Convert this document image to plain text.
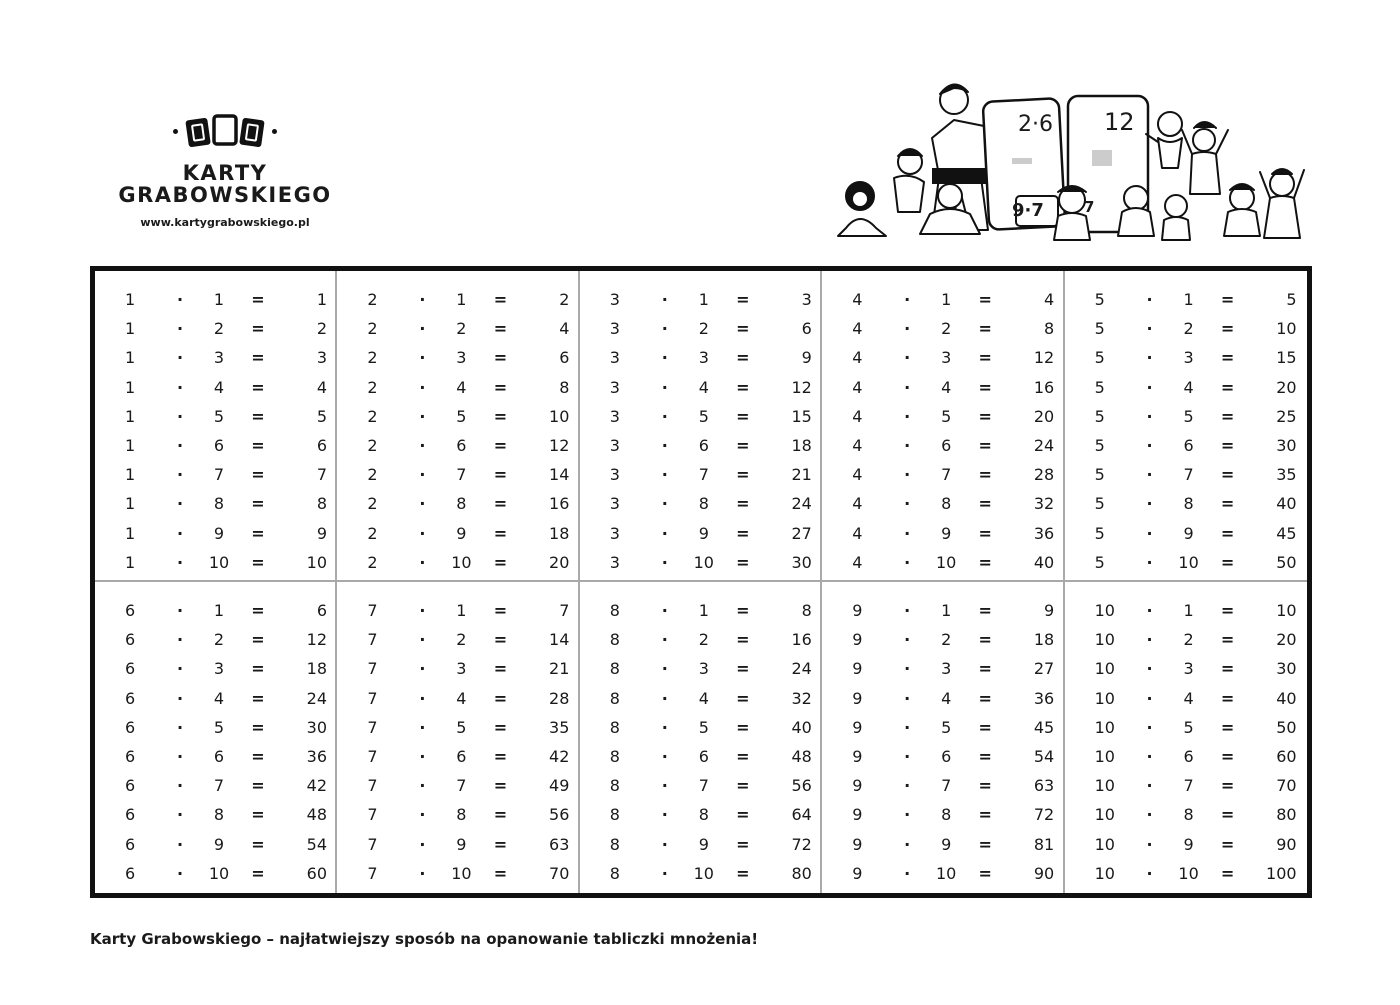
KARTY
GRABOWSKIEGO
www.kartygrabowskiego.pl
2·6 12
9·7	7
1	·	1	=	1
1	·	2	=	2
1	·	3	=	3
1	·	4	=	4
1	·	5	=	5
1	·	6	=	6
1	·	7	=	7
1	·	8	=	8
1	·	9	=	9
1	·	10	=	10
2	·	1	=	2
2	·	2	=	4
2	·	3	=	6
2	·	4	=	8
2	·	5	=	10
2	·	6	=	12
2	·	7	=	14
2	·	8	=	16
2	·	9	=	18
2	·	10	=	20
3	·	1	=	3
3	·	2	=	6
3	·	3	=	9
3	·	4	=	12
3	·	5	=	15
3	·	6	=	18
3	·	7	=	21
3	·	8	=	24
3	·	9	=	27
3	·	10	=	30
4	·	1	=	4
4	·	2	=	8
4	·	3	=	12
4	·	4	=	16
4	·	5	=	20
4	·	6	=	24
4	·	7	=	28
4	·	8	=	32
4	·	9	=	36
4	·	10	=	40
5	·	1	=	5
5	·	2	=	10
5	·	3	=	15
5	·	4	=	20
5	·	5	=	25
5	·	6	=	30
5	·	7	=	35
5	·	8	=	40
5	·	9	=	45
5	·	10	=	50
6	·	1	=	6
6	·	2	=	12
6	·	3	=	18
6	·	4	=	24
6	·	5	=	30
6	·	6	=	36
6	·	7	=	42
6	·	8	=	48
6	·	9	=	54
6	·	10	=	60
7	·	1	=	7
7	·	2	=	14
7	·	3	=	21
7	·	4	=	28
7	·	5	=	35
7	·	6	=	42
7	·	7	=	49
7	·	8	=	56
7	·	9	=	63
7	·	10	=	70
8	·	1	=	8
8	·	2	=	16
8	·	3	=	24
8	·	4	=	32
8	·	5	=	40
8	·	6	=	48
8	·	7	=	56
8	·	8	=	64
8	·	9	=	72
8	·	10	=	80
9	·	1	=	9
9	·	2	=	18
9	·	3	=	27
9	·	4	=	36
9	·	5	=	45
9	·	6	=	54
9	·	7	=	63
9	·	8	=	72
9	·	9	=	81
9	·	10	=	90
10	·	1	=	10
10	·	2	=	20
10	·	3	=	30
10	·	4	=	40
10	·	5	=	50
10	·	6	=	60
10	·	7	=	70
10	·	8	=	80
10	·	9	=	90
10	·	10	=	100
Karty Grabowskiego – najłatwiejszy sposób na opanowanie tabliczki mnożenia!
